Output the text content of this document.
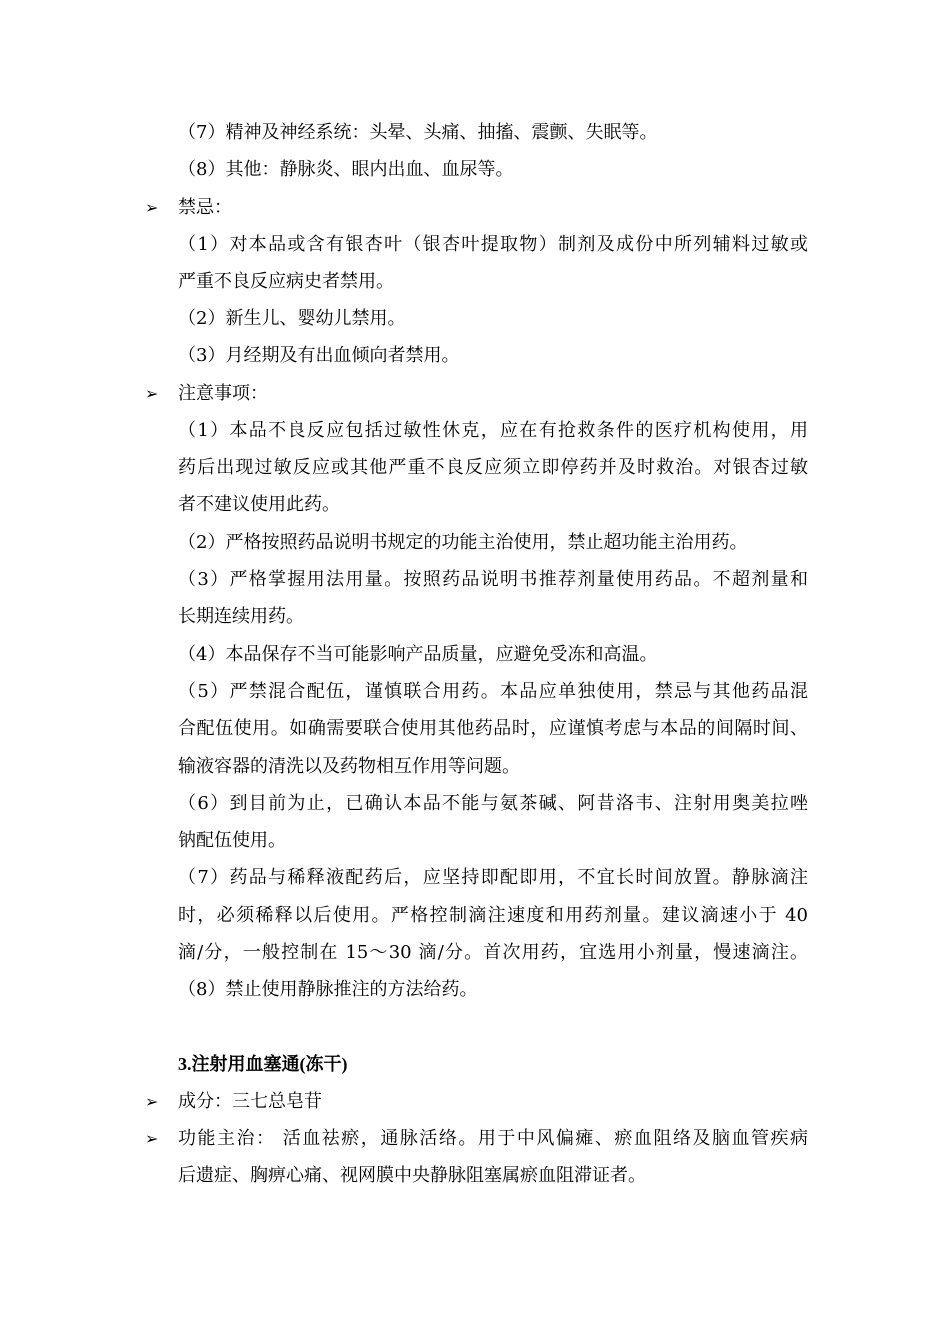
（7）精神及神经系统：头晕、头痛、抽搐、震颤、失眠等。
（8）其他：静脉炎、眼内出血、血尿等。
➢	禁忌：
（1）对本品或含有银杏叶（银杏叶提取物）制剂及成份中所列辅料过敏或
严重不良反应病史者禁用。
（2）新生儿、婴幼儿禁用。
（3）月经期及有出血倾向者禁用。
➢	注意事项：
（1）本品不良反应包括过敏性休克，应在有抢救条件的医疗机构使用，用
药后出现过敏反应或其他严重不良反应须立即停药并及时救治。对银杏过敏
者不建议使用此药。
（2）严格按照药品说明书规定的功能主治使用，禁止超功能主治用药。
（3）严格掌握用法用量。按照药品说明书推荐剂量使用药品。不超剂量和
长期连续用药。
（4）本品保存不当可能影响产品质量，应避免受冻和高温。
（5）严禁混合配伍，谨慎联合用药。本品应单独使用，禁忌与其他药品混
合配伍使用。如确需要联合使用其他药品时，应谨慎考虑与本品的间隔时间、
输液容器的清洗以及药物相互作用等问题。
（6）到目前为止，已确认本品不能与氨茶碱、阿昔洛韦、注射用奥美拉唑
钠配伍使用。
（7）药品与稀释液配药后，应坚持即配即用，不宜长时间放置。静脉滴注
时，必须稀释以后使用。严格控制滴注速度和用药剂量。建议滴速小于 40
滴/分，一般控制在 15～30 滴/分。首次用药，宜选用小剂量，慢速滴注。
（8）禁止使用静脉推注的方法给药。
3.注射用血塞通(冻干)
➢	成分：三七总皂苷
➢	功能主治： 活血祛瘀，通脉活络。用于中风偏瘫、瘀血阻络及脑血管疾病
后遗症、胸痹心痛、视网膜中央静脉阻塞属瘀血阻滞证者。
